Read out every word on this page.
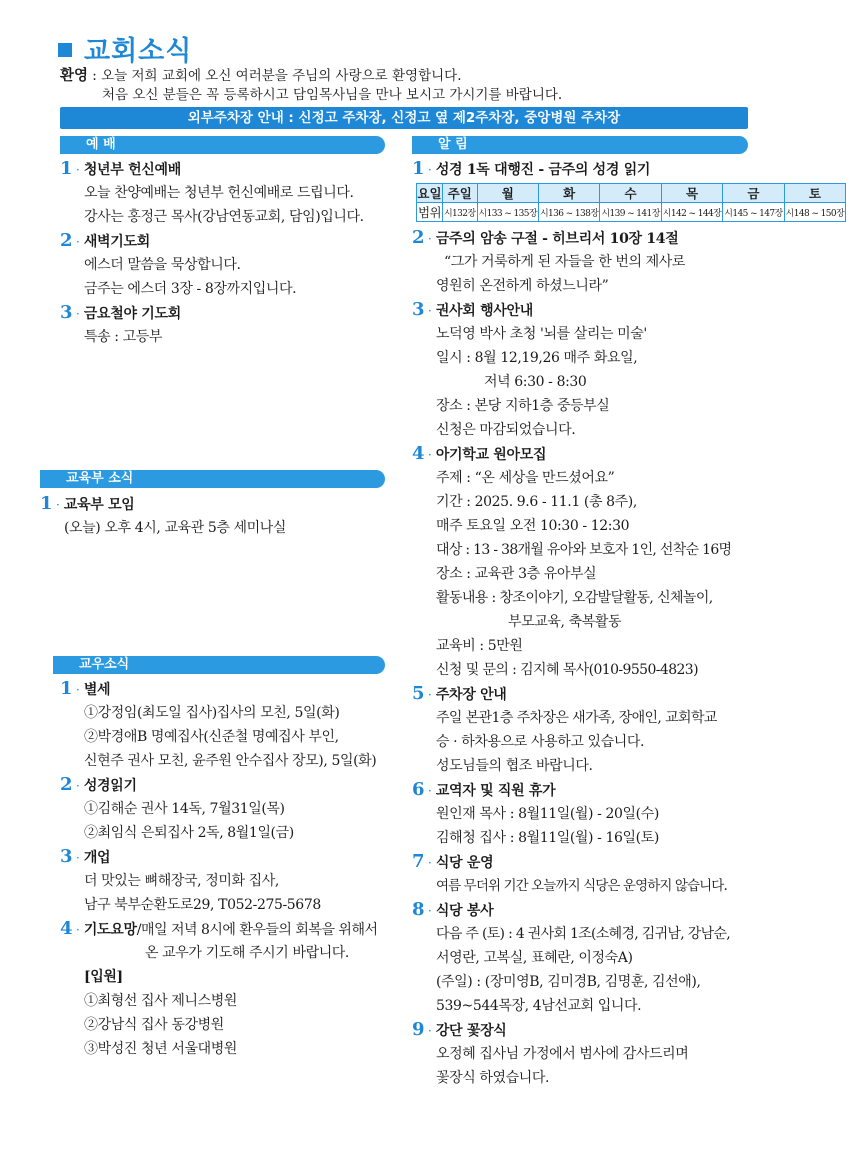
교회소식
환영 : 오늘 저희 교회에 오신 여러분을 주님의 사랑으로 환영합니다.
처음 오신 분들은 꼭 등록하시고 담임목사님을 만나 보시고 가시기를 바랍니다.
외부주차장 안내 : 신정고 주차장, 신정고 옆 제2주차장, 중앙병원 주차장
예 배
1 · 청년부 헌신예배
오늘 찬양예배는 청년부 헌신예배로 드립니다.
강사는 홍정근 목사(강남연동교회, 담임)입니다.
2 · 새벽기도회
에스더 말씀을 묵상합니다.
금주는 에스더 3장 - 8장까지입니다.
3 · 금요철야 기도회
특송 : 고등부
교육부 소식
1 · 교육부 모임
(오늘) 오후 4시, 교육관 5층 세미나실
교우소식
1 · 별세
①강정임(최도일 집사)집사의 모친, 5일(화)
②박경애B 명예집사(신준철 명예집사 부인,
신현주 권사 모친, 윤주원 안수집사 장모), 5일(화)
2 · 성경읽기
①김해순 권사 14독, 7월31일(목)
②최임식 은퇴집사 2독, 8월1일(금)
3 · 개업
더 맛있는 뼈해장국, 정미화 집사,
남구 북부순환도로29, T052-275-5678
4 · 기도요망 /매일 저녁 8시에 환우들의 회복을 위해서
온 교우가 기도해 주시기 바랍니다.
[입원]
①최형선 집사 제니스병원
②강남식 집사 동강병원
③박성진 청년 서울대병원
알 림
1 · 성경 1독 대행진 - 금주의 성경 읽기
요일	주일	월	화	수	목	금	토
범위	시132장	시133 ~ 135장	시136 ~ 138장	시139 ~ 141장	시142 ~ 144장	시145 ~ 147장	시148 ~ 150장
2 · 금주의 암송 구절 - 히브리서 10장 14절
“그가 거룩하게 된 자들을 한 번의 제사로
영원히 온전하게 하셨느니라”
3 · 권사회 행사안내
노덕영 박사 초청 '뇌를 살리는 미술'
일시 : 8월 12,19,26 매주 화요일,
저녁 6:30 - 8:30
장소 : 본당 지하1층 중등부실
신청은 마감되었습니다.
4 · 아기학교 원아모집
주제 : “온 세상을 만드셨어요”
기간 : 2025. 9.6 - 11.1 (총 8주),
매주 토요일 오전 10:30 - 12:30
대상 : 13 - 38개월 유아와 보호자 1인, 선착순 16명
장소 : 교육관 3층 유아부실
활동내용 : 창조이야기, 오감발달활동, 신체놀이,
부모교육, 축복활동
교육비 : 5만원
신청 및 문의 : 김지혜 목사(010-9550-4823)
5 · 주차장 안내
주일 본관1층 주차장은 새가족, 장애인, 교회학교
승 · 하차용으로 사용하고 있습니다.
성도님들의 협조 바랍니다.
6 · 교역자 및 직원 휴가
원인재 목사 : 8월11일(월) - 20일(수)
김해청 집사 : 8월11일(월) - 16일(토)
7 · 식당 운영
여름 무더위 기간 오늘까지 식당은 운영하지 않습니다.
8 · 식당 봉사
다음 주 (토) : 4 권사회 1조(소혜경, 김귀남, 강남순,
서영란, 고복실, 표혜란, 이정숙A)
(주일) : (장미영B, 김미경B, 김명훈, 김선애),
539~544목장, 4남선교회 입니다.
9 · 강단 꽃장식
오정혜 집사님 가정에서 범사에 감사드리며
꽃장식 하였습니다.
